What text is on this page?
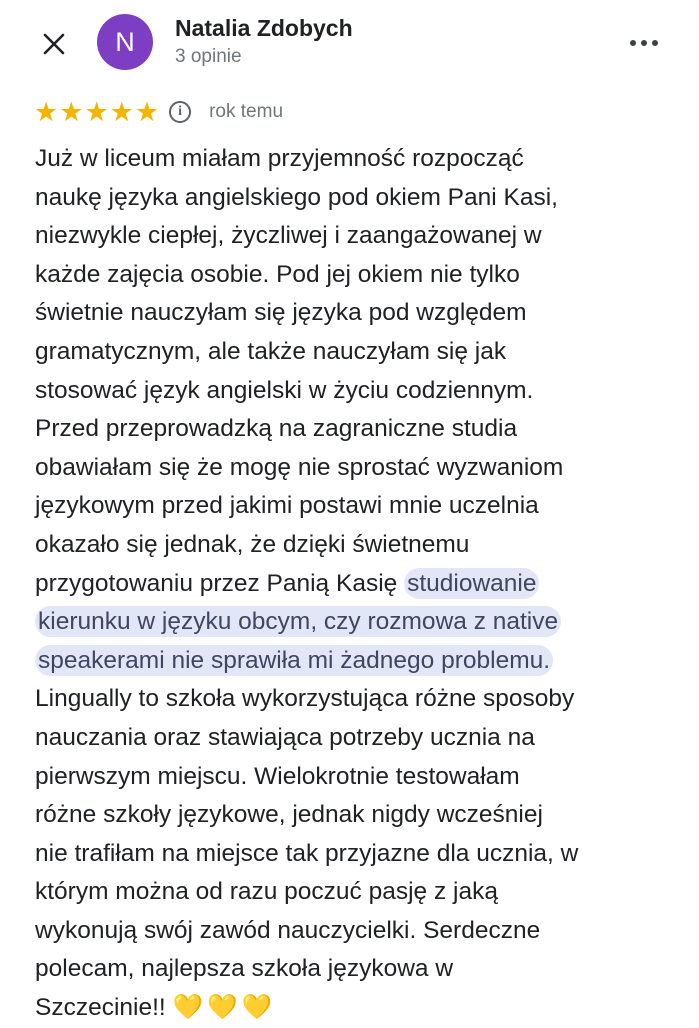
N Natalia Zdobych
3 opinie
★ ★ ★ ★ ★	i	rok temu
Już w liceum miałam przyjemność rozpocząć
naukę języka angielskiego pod okiem Pani Kasi,
niezwykle ciepłej, życzliwej i zaangażowanej w
każde zajęcia osobie. Pod jej okiem nie tylko
świetnie nauczyłam się języka pod względem
gramatycznym, ale także nauczyłam się jak
stosować język angielski w życiu codziennym.
Przed przeprowadzką na zagraniczne studia
obawiałam się że mogę nie sprostać wyzwaniom
językowym przed jakimi postawi mnie uczelnia
okazało się jednak, że dzięki świetnemu
przygotowaniu przez Panią Kasię studiowanie
kierunku w języku obcym, czy rozmowa z native
speakerami nie sprawiła mi żadnego problemu.
Lingually to szkoła wykorzystująca różne sposoby
nauczania oraz stawiająca potrzeby ucznia na
pierwszym miejscu. Wielokrotnie testowałam
różne szkoły językowe, jednak nigdy wcześniej
nie trafiłam na miejsce tak przyjazne dla ucznia, w
którym można od razu poczuć pasję z jaką
wykonują swój zawód nauczycielki. Serdeczne
polecam, najlepsza szkoła językowa w
Szczecinie!! 💛💛💛
